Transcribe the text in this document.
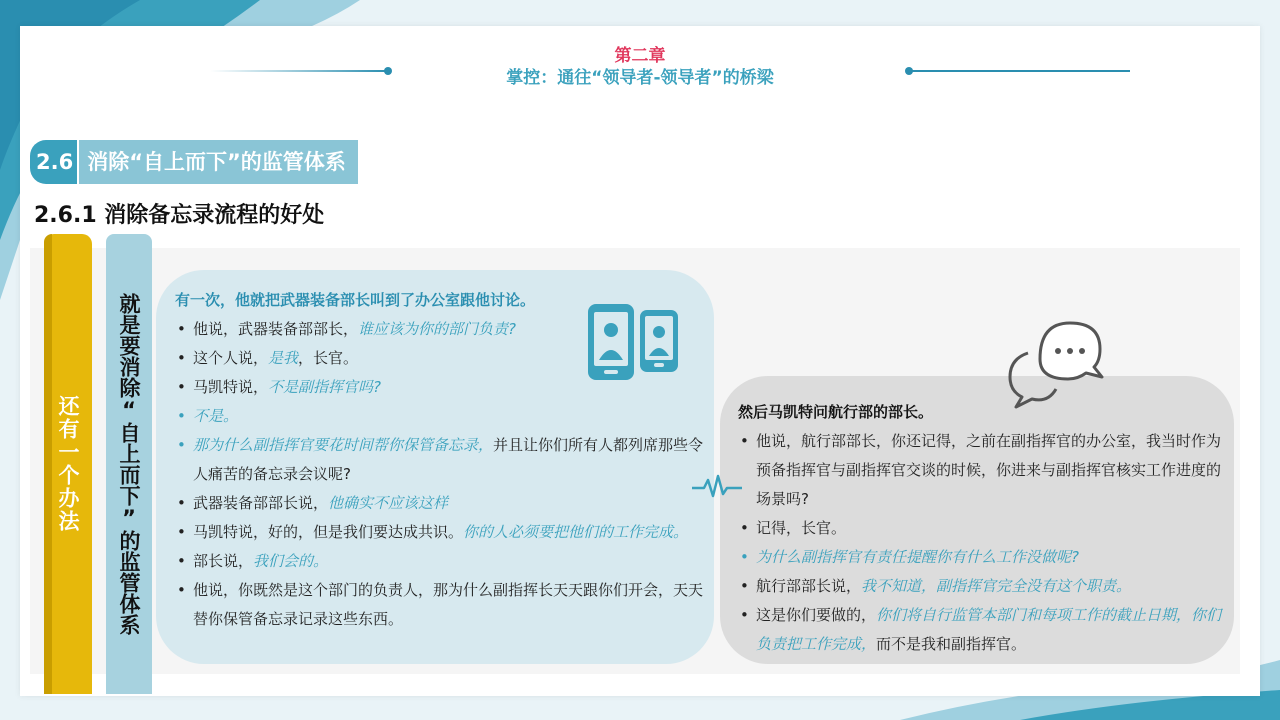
第二章
掌控：通往“领导者-领导者”的桥梁
2.6 消除“自上而下”的监管体系
2.6.1 消除备忘录流程的好处
还有一个办法	就是要消除“自上而下”的监管体系	有一次，他就把武器装备部长叫到了办公室跟他讨论。
• 他说，武器装备部部长，谁应该为你的部门负责?
• 这个人说，是我，长官。
• 马凯特说，不是副指挥官吗?
• 不是。
• 那为什么副指挥官要花时间帮你保管备忘录，并且让你们所有人都列席那些令人痛苦的备忘录会议呢?
• 武器装备部部长说，他确实不应该这样
• 马凯特说，好的，但是我们要达成共识。你的人必须要把他们的工作完成。
• 部长说，我们会的。
• 他说，你既然是这个部门的负责人，那为什么副指挥长天天跟你们开会，天天替你保管备忘录记录这些东西。
然后马凯特问航行部的部长。
• 他说，航行部部长，你还记得，之前在副指挥官的办公室，我当时作为预备指挥官与副指挥官交谈的时候，你进来与副指挥官核实工作进度的场景吗?
• 记得，长官。
• 为什么副指挥官有责任提醒你有什么工作没做呢?
• 航行部部长说，我不知道，副指挥官完全没有这个职责。
• 这是你们要做的，你们将自行监管本部门和每项工作的截止日期，你们负责把工作完成，而不是我和副指挥官。
